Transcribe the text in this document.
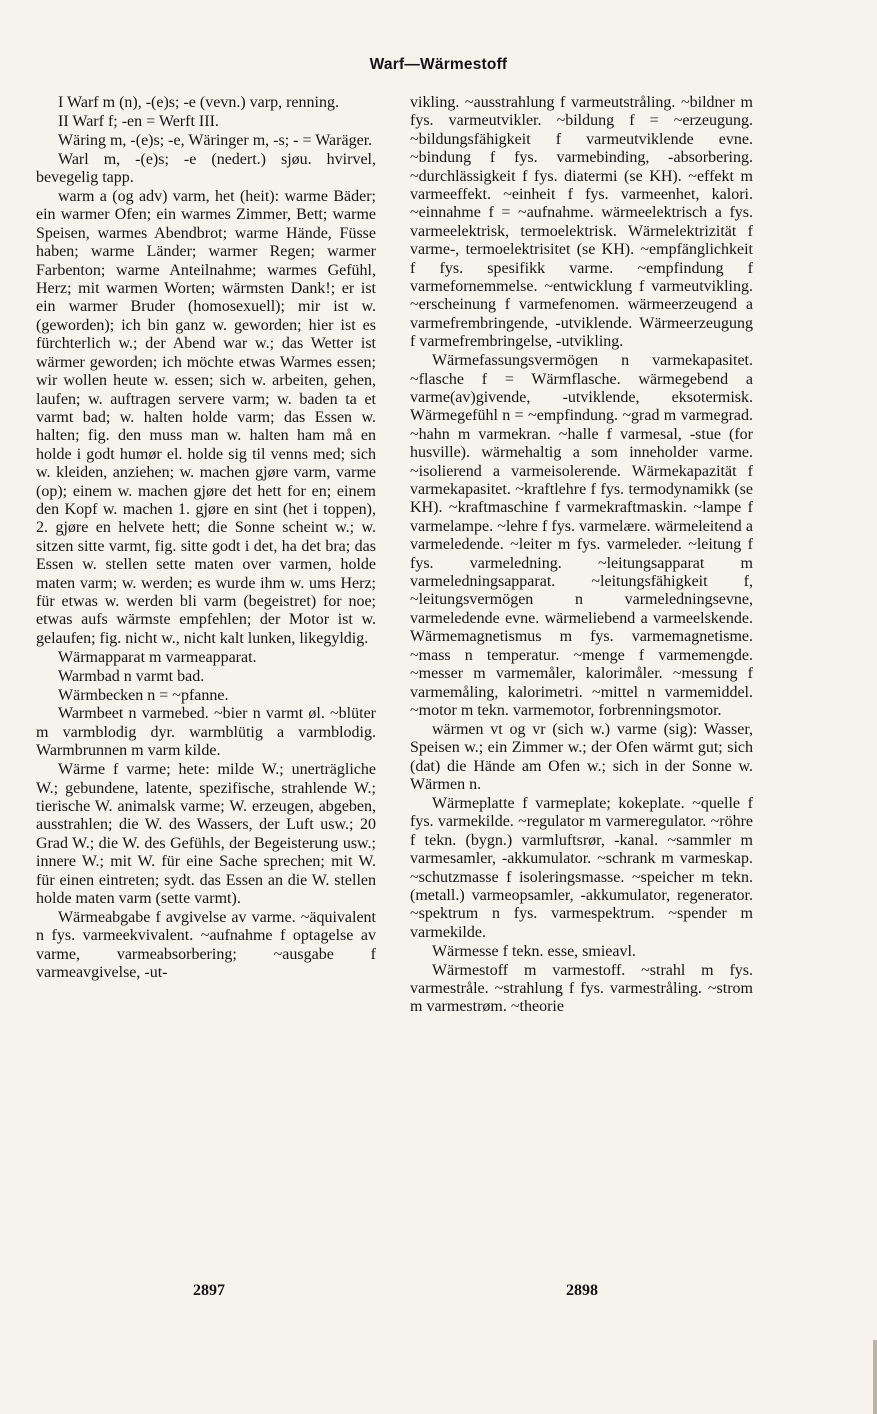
Warf—Wärmestoff

I Warf m (n), -(e)s; -e (vevn.) varp, renning.

II Warf f; -en = Werft III.

Wäring m, -(e)s; -e, Wäringer m, -s; - = Waräger.

Warl m, -(e)s; -e (nedert.) sjøu. hvirvel, bevegelig tapp.

warm a (og adv) varm, het (heit): warme Bäder; ein warmer Ofen; ein warmes Zimmer, Bett; warme Speisen, warmes Abendbrot; warme Hände, Füsse haben; warme Länder; warmer Regen; warmer Farbenton; warme Anteilnahme; warmes Gefühl, Herz; mit warmen Worten; wärmsten Dank!; er ist ein warmer Bruder (homosexuell); mir ist w. (geworden); ich bin ganz w. geworden; hier ist es fürchterlich w.; der Abend war w.; das Wetter ist wärmer geworden; ich möchte etwas Warmes essen; wir wollen heute w. essen; sich w. arbeiten, gehen, laufen; w. auftragen servere varm; w. baden ta et varmt bad; w. halten holde varm; das Essen w. halten; fig. den muss man w. halten ham må en holde i godt humør el. holde sig til venns med; sich w. kleiden, anziehen; w. machen gjøre varm, varme (op); einem w. machen gjøre det hett for en; einem den Kopf w. machen 1. gjøre en sint (het i toppen), 2. gjøre en helvete hett; die Sonne scheint w.; w. sitzen sitte varmt, fig. sitte godt i det, ha det bra; das Essen w. stellen sette maten over varmen, holde maten varm; w. werden; es wurde ihm w. ums Herz; für etwas w. werden bli varm (begeistret) for noe; etwas aufs wärmste empfehlen; der Motor ist w. gelaufen; fig. nicht w., nicht kalt lunken, likegyldig.

Wärmapparat m varmeapparat.

Warmbad n varmt bad.

Wärmbecken n = ~pfanne.

Warmbeet n varmebed. ~bier n varmt øl. ~blüter m varmblodig dyr. warmblütig a varmblodig. Warmbrunnen m varm kilde.

Wärme f varme; hete: milde W.; unerträgliche W.; gebundene, latente, spezifische, strahlende W.; tierische W. animalsk varme; W. erzeugen, abgeben, ausstrahlen; die W. des Wassers, der Luft usw.; 20 Grad W.; die W. des Gefühls, der Begeisterung usw.; innere W.; mit W. für eine Sache sprechen; mit W. für einen eintreten; sydt. das Essen an die W. stellen holde maten varm (sette varmt).

Wärmeabgabe f avgivelse av varme. ~äquivalent n fys. varmeekvivalent. ~aufnahme f optagelse av varme, varmeabsorbering; ~ausgabe f varmeavgivelse, -ut-

vikling. ~ausstrahlung f varmeutstråling. ~bildner m fys. varmeutvikler. ~bildung f = ~erzeugung. ~bildungsfähigkeit f varmeutviklende evne. ~bindung f fys. varmebinding, -absorbering. ~durchlässigkeit f fys. diatermi (se KH). ~effekt m varmeeffekt. ~einheit f fys. varmeenhet, kalori. ~einnahme f = ~aufnahme. wärmeelektrisch a fys. varmeelektrisk, termoelektrisk. Wärmelektrizität f varme-, termoelektrisitet (se KH). ~empfänglichkeit f fys. spesifikk varme. ~empfindung f varmefornemmelse. ~entwicklung f varmeutvikling. ~erscheinung f varmefenomen. wärmeerzeugend a varmefrembringende, -utviklende. Wärmeerzeugung f varmefrembringelse, -utvikling.

Wärmefassungsvermögen n varmekapasitet. ~flasche f = Wärmflasche. wärmegebend a varme(av)givende, -utviklende, eksotermisk. Wärmegefühl n = ~empfindung. ~grad m varmegrad. ~hahn m varmekran. ~halle f varmesal, -stue (for husville). wärmehaltig a som inneholder varme. ~isolierend a varmeisolerende. Wärmekapazität f varmekapasitet. ~kraftlehre f fys. termodynamikk (se KH). ~kraftmaschine f varmekraftmaskin. ~lampe f varmelampe. ~lehre f fys. varmelære. wärmeleitend a varmeledende. ~leiter m fys. varmeleder. ~leitung f fys. varmeledning. ~leitungsapparat m varmeledningsapparat. ~leitungsfähigkeit f, ~leitungsvermögen n varmeledningsevne, varmeledende evne. wärmeliebend a varmeelskende. Wärmemagnetismus m fys. varmemagnetisme. ~mass n temperatur. ~menge f varmemengde. ~messer m varmemåler, kalorimåler. ~messung f varmemåling, kalorimetri. ~mittel n varmemiddel. ~motor m tekn. varmemotor, forbrenningsmotor.

wärmen vt og vr (sich w.) varme (sig): Wasser, Speisen w.; ein Zimmer w.; der Ofen wärmt gut; sich (dat) die Hände am Ofen w.; sich in der Sonne w. Wärmen n.

Wärmeplatte f varmeplate; kokeplate. ~quelle f fys. varmekilde. ~regulator m varmeregulator. ~röhre f tekn. (bygn.) varmluftsrør, -kanal. ~sammler m varmesamler, -akkumulator. ~schrank m varmeskap. ~schutzmasse f isoleringsmasse. ~speicher m tekn. (metall.) varmeopsamler, -akkumulator, regenerator. ~spektrum n fys. varmespektrum. ~spender m varmekilde.

Wärmesse f tekn. esse, smieavl.

Wärmestoff m varmestoff. ~strahl m fys. varmestråle. ~strahlung f fys. varmestråling. ~strom m varmestrøm. ~theorie

2897	2898
